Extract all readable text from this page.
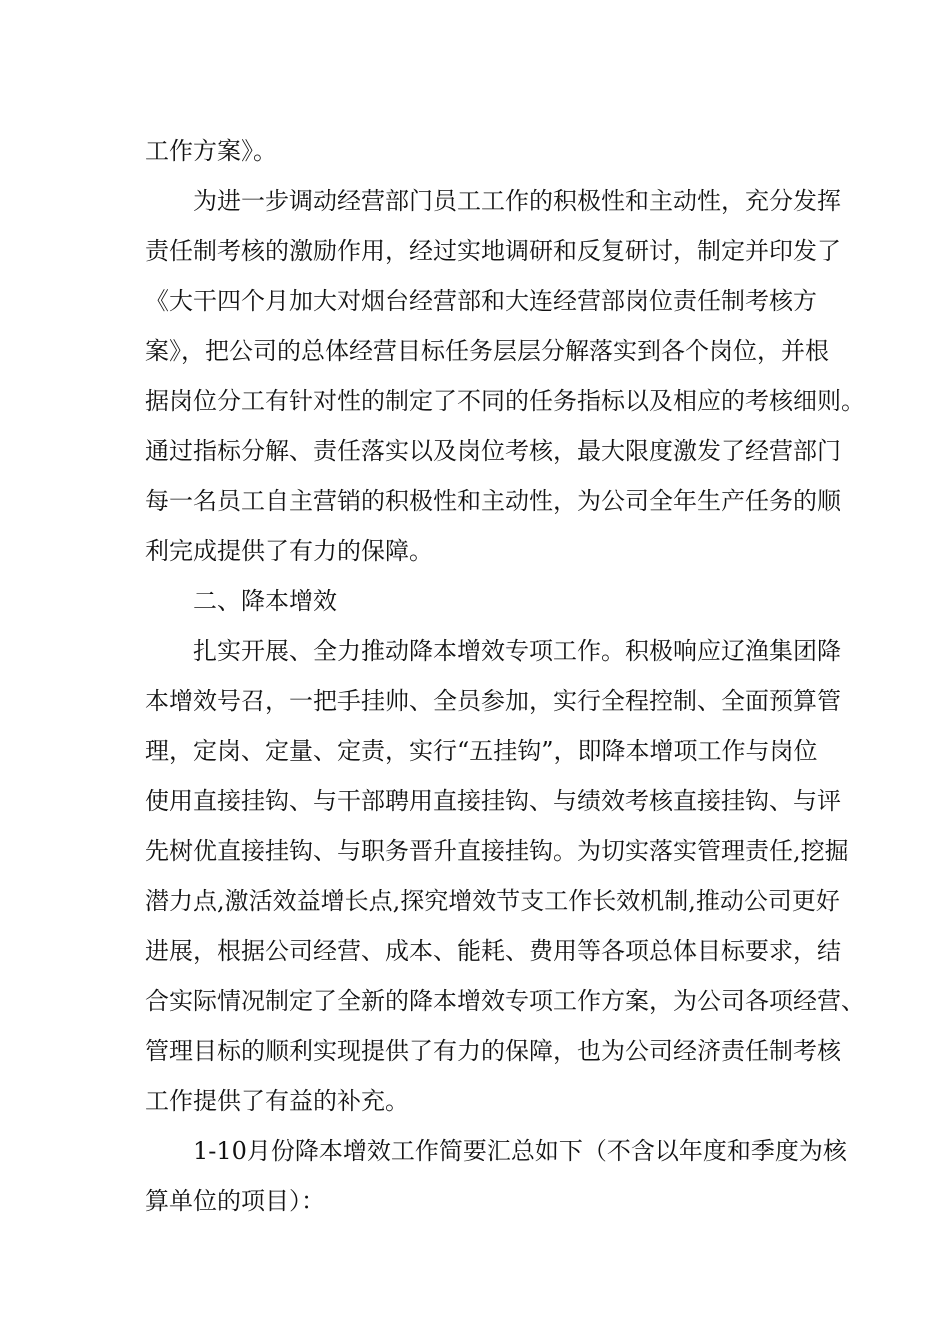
工作方案》。
为进一步调动经营部门员工工作的积极性和主动性，充分发挥
责任制考核的激励作用，经过实地调研和反复研讨，制定并印发了
《大干四个月加大对烟台经营部和大连经营部岗位责任制考核方
案》，把公司的总体经营目标任务层层分解落实到各个岗位，并根
据岗位分工有针对性的制定了不同的任务指标以及相应的考核细则。
通过指标分解、责任落实以及岗位考核，最大限度激发了经营部门
每一名员工自主营销的积极性和主动性，为公司全年生产任务的顺
利完成提供了有力的保障。
二、降本增效
扎实开展、全力推动降本增效专项工作。积极响应辽渔集团降
本增效号召，一把手挂帅、全员参加，实行全程控制、全面预算管
理，定岗、定量、定责，实行“五挂钩”，即降本增项工作与岗位
使用直接挂钩、与干部聘用直接挂钩、与绩效考核直接挂钩、与评
先树优直接挂钩、与职务晋升直接挂钩。为切实落实管理责任,挖掘
潜力点,激活效益增长点,探究增效节支工作长效机制,推动公司更好
进展，根据公司经营、成本、能耗、费用等各项总体目标要求，结
合实际情况制定了全新的降本增效专项工作方案，为公司各项经营、
管理目标的顺利实现提供了有力的保障，也为公司经济责任制考核
工作提供了有益的补充。
1-10月份降本增效工作简要汇总如下（不含以年度和季度为核
算单位的项目）：
